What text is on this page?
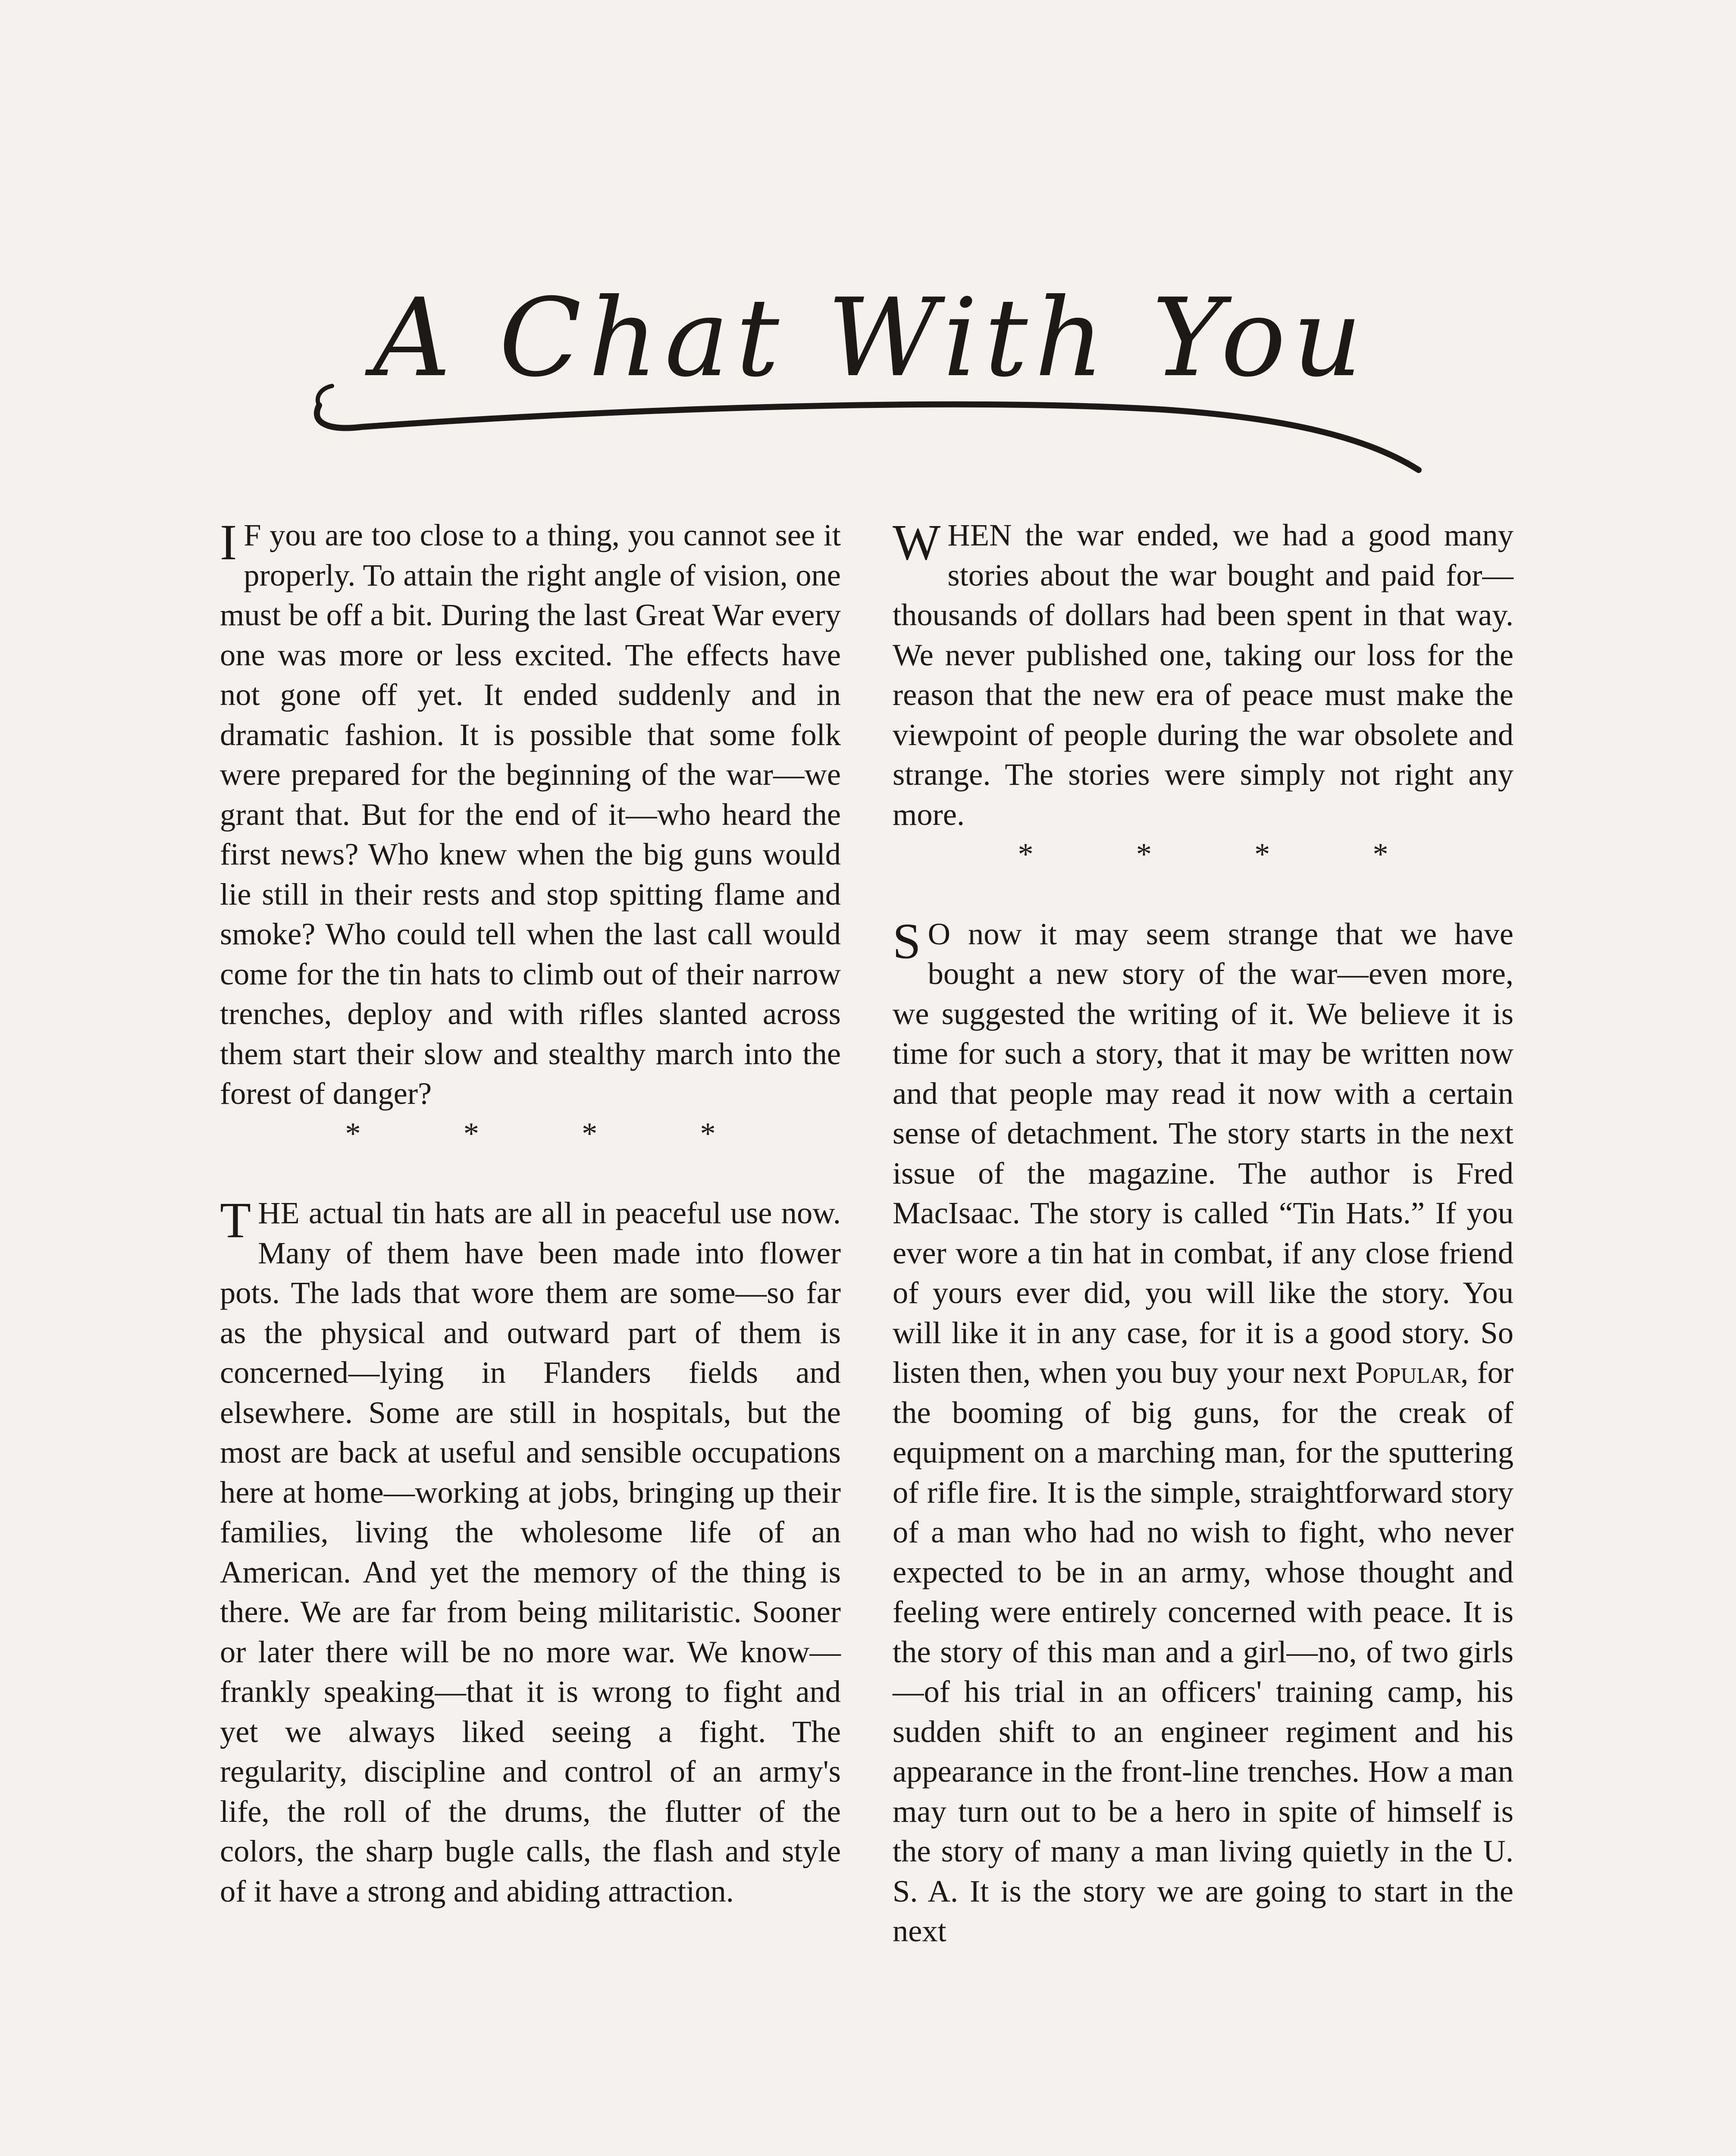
A Chat With You

I F you are too close to a thing, you cannot see it properly. To attain the right angle of vision, one must be off a bit. During the last Great War every one was more or less excited. The effects have not gone off yet. It ended suddenly and in dramatic fashion. It is possible that some folk were prepared for the beginning of the war—we grant that. But for the end of it—who heard the first news? Who knew when the big guns would lie still in their rests and stop spitting flame and smoke? Who could tell when the last call would come for the tin hats to climb out of their narrow trenches, deploy and with rifles slanted across them start their slow and stealthy march into the forest of danger?

* * * *

THE actual tin hats are all in peaceful use now. Many of them have been made into flower pots. The lads that wore them are some—so far as the physical and outward part of them is concerned—lying in Flanders fields and elsewhere. Some are still in hospitals, but the most are back at useful and sensible occupations here at home—working at jobs, bringing up their families, living the wholesome life of an American. And yet the memory of the thing is there. We are far from being militaristic. Sooner or later there will be no more war. We know—frankly speaking—that it is wrong to fight and yet we always liked seeing a fight. The regularity, discipline and control of an army's life, the roll of the drums, the flutter of the colors, the sharp bugle calls, the flash and style of it have a strong and abiding attraction.

WHEN the war ended, we had a good many stories about the war bought and paid for—thousands of dollars had been spent in that way. We never published one, taking our loss for the reason that the new era of peace must make the viewpoint of people during the war obsolete and strange. The stories were simply not right any more.

* * * *

S O now it may seem strange that we have bought a new story of the war—even more, we suggested the writing of it. We believe it is time for such a story, that it may be written now and that people may read it now with a certain sense of detachment. The story starts in the next issue of the magazine. The author is Fred MacIsaac. The story is called “Tin Hats.” If you ever wore a tin hat in combat, if any close friend of yours ever did, you will like the story. You will like it in any case, for it is a good story. So listen then, when you buy your next Popular, for the booming of big guns, for the creak of equipment on a marching man, for the sputtering of rifle fire. It is the simple, straightforward story of a man who had no wish to fight, who never expected to be in an army, whose thought and feeling were entirely concerned with peace. It is the story of this man and a girl—no, of two girls—of his trial in an officers' training camp, his sudden shift to an engineer regiment and his appearance in the front-line trenches. How a man may turn out to be a hero in spite of himself is the story of many a man living quietly in the U. S. A. It is the story we are going to start in the next
